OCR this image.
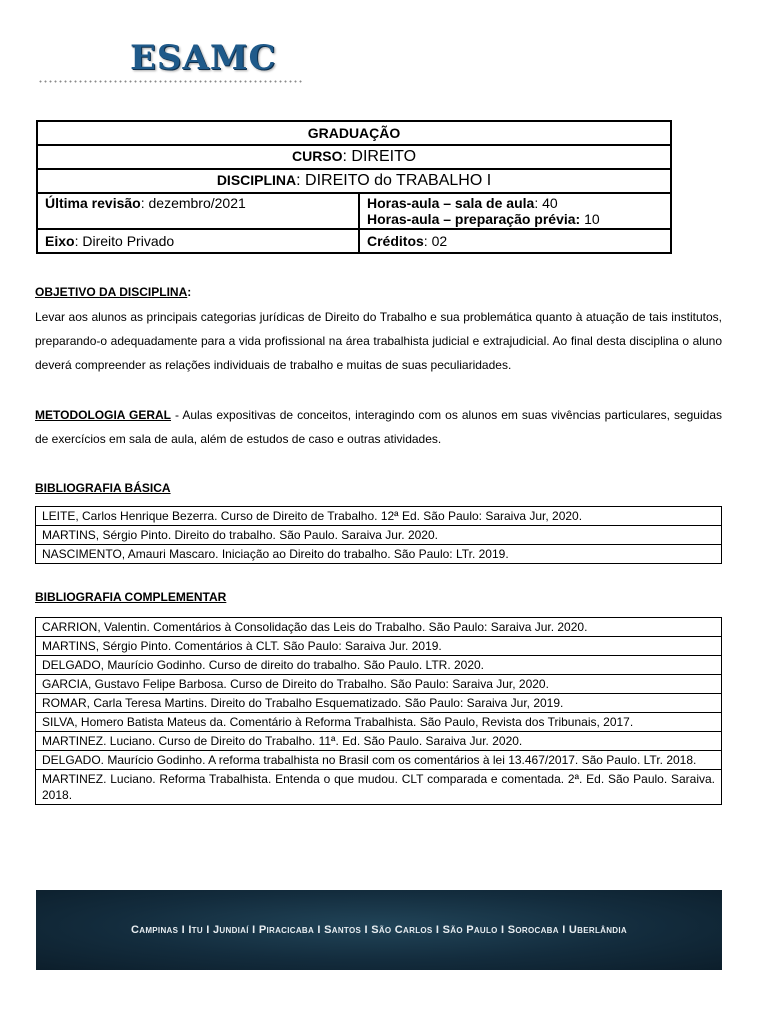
ESAMC
GRADUAÇÃO	
CURSO: DIREITO	
DISCIPLINA: DIREITO do TRABALHO I	
Última revisão: dezembro/2021	Horas-aula – sala de aula: 40
Horas-aula – preparação prévia: 10

Eixo: Direito Privado	Créditos: 02
OBJETIVO DA DISCIPLINA:
Levar aos alunos as principais categorias jurídicas de Direito do Trabalho e sua problemática quanto à atuação de tais institutos, preparando-o adequadamente para a vida profissional na área trabalhista judicial e extrajudicial. Ao final desta disciplina o aluno deverá compreender as relações individuais de trabalho e muitas de suas peculiaridades.
METODOLOGIA GERAL - Aulas expositivas de conceitos, interagindo com os alunos em suas vivências particulares, seguidas de exercícios em sala de aula, além de estudos de caso e outras atividades.
BIBLIOGRAFIA BÁSICA
LEITE, Carlos Henrique Bezerra. Curso de Direito de Trabalho. 12ª Ed. São Paulo: Saraiva Jur, 2020.
MARTINS, Sérgio Pinto. Direito do trabalho. São Paulo. Saraiva Jur. 2020.
NASCIMENTO, Amauri Mascaro. Iniciação ao Direito do trabalho. São Paulo: LTr. 2019.
BIBLIOGRAFIA COMPLEMENTAR
CARRION, Valentin. Comentários à Consolidação das Leis do Trabalho. São Paulo: Saraiva Jur. 2020.
MARTINS, Sérgio Pinto. Comentários à CLT. São Paulo: Saraiva Jur. 2019.
DELGADO, Maurício Godinho. Curso de direito do trabalho. São Paulo. LTR. 2020.
GARCIA, Gustavo Felipe Barbosa. Curso de Direito do Trabalho. São Paulo: Saraiva Jur, 2020.
ROMAR, Carla Teresa Martins. Direito do Trabalho Esquematizado. São Paulo: Saraiva Jur, 2019.
SILVA, Homero Batista Mateus da. Comentário à Reforma Trabalhista. São Paulo, Revista dos Tribunais, 2017.
MARTINEZ. Luciano. Curso de Direito do Trabalho. 11ª. Ed. São Paulo. Saraiva Jur. 2020.
DELGADO. Maurício Godinho. A reforma trabalhista no Brasil com os comentários à lei 13.467/2017. São Paulo. LTr. 2018.
MARTINEZ. Luciano. Reforma Trabalhista. Entenda o que mudou. CLT comparada e comentada. 2ª. Ed. São Paulo. Saraiva. 2018.
Campinas I Itu I Jundiaí I Piracicaba I Santos I São Carlos I São Paulo I Sorocaba I Uberlândia
